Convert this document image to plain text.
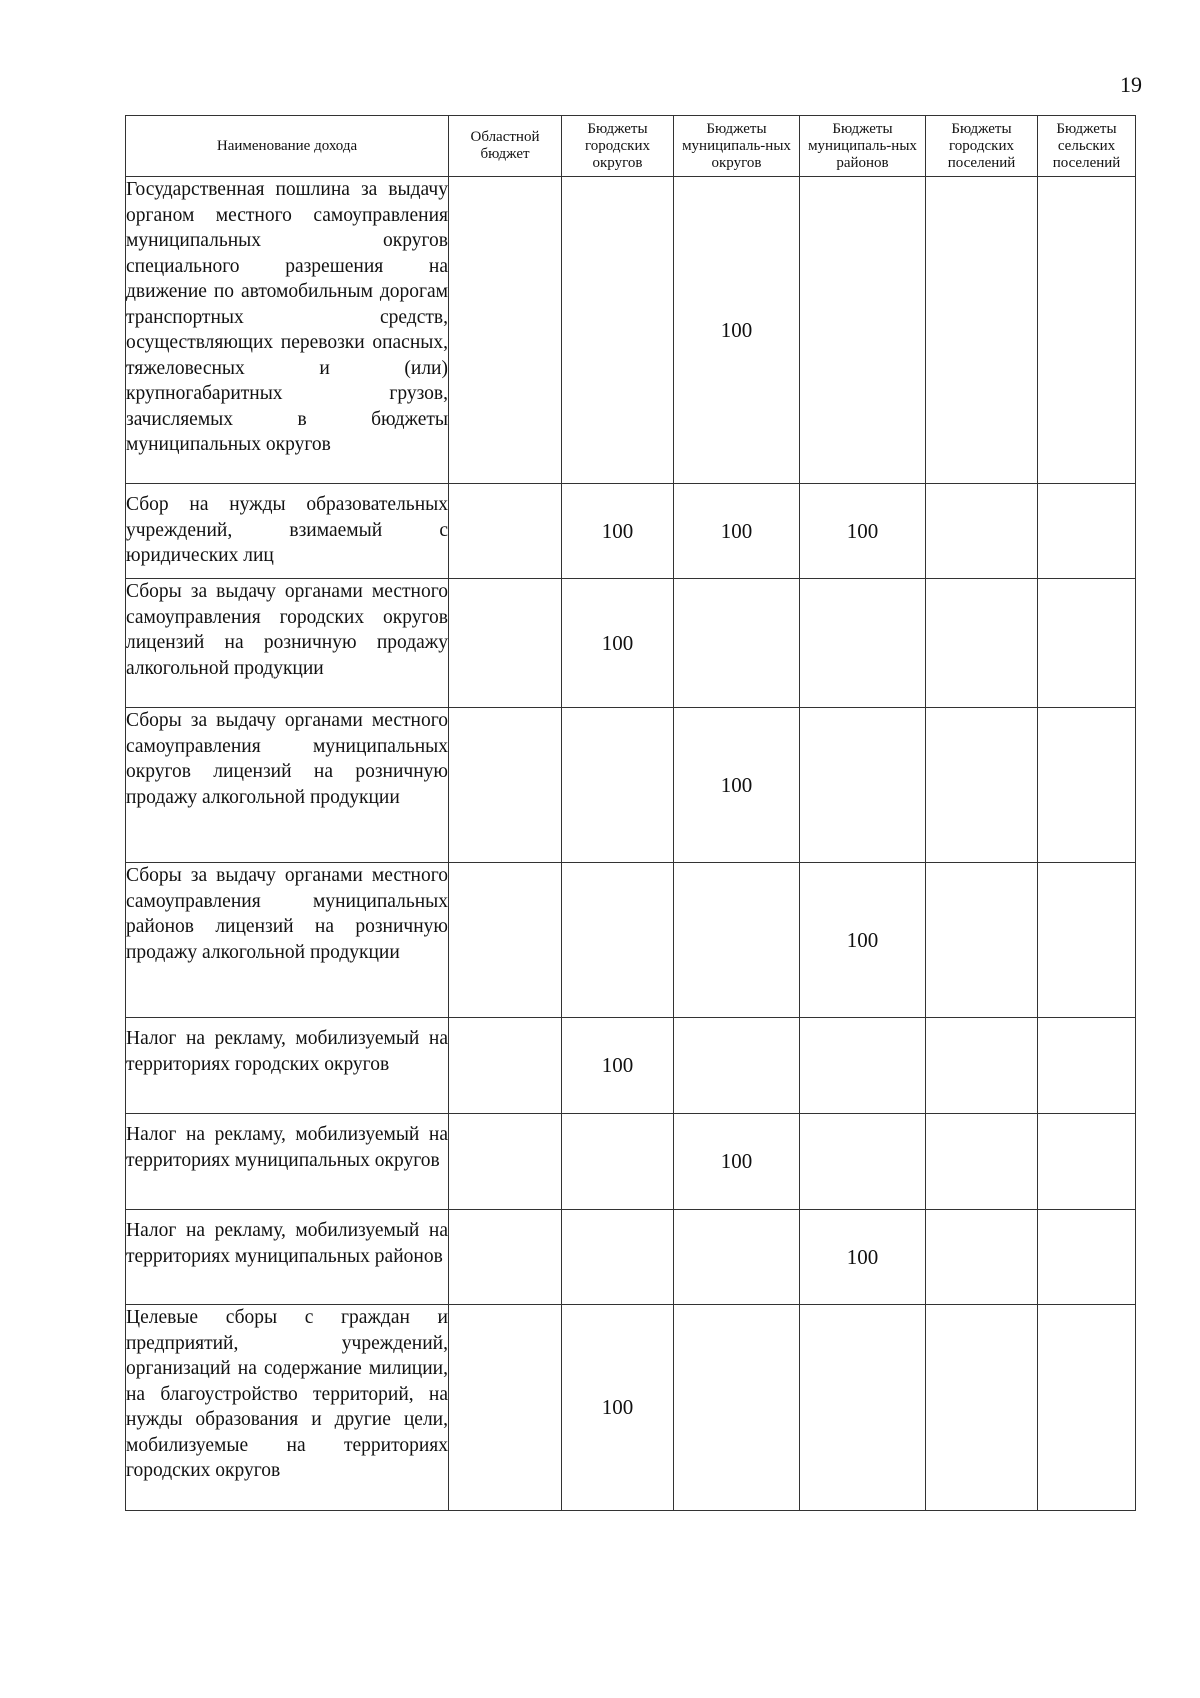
19
Наименование дохода	Областной бюджет	Бюджеты городских округов	Бюджеты муниципаль-ных округов	Бюджеты муниципаль-ных районов	Бюджеты городских поселений	Бюджеты сельских поселений

Государственная пошлина за выдачу органом местного самоуправления муниципальных округов специального разрешения на движение по автомобильным дорогам транспортных средств, осуществляющих перевозки опасных, тяжеловесных и (или) крупногабаритных грузов, зачисляемых в бюджеты муниципальных округов			100			
Сбор на нужды образовательных учреждений, взимаемый с юридических лиц		100	100	100		
Сборы за выдачу органами местного самоуправления городских округов лицензий на розничную продажу алкогольной продукции		100				
Сборы за выдачу органами местного самоуправления муниципальных округов лицензий на розничную продажу алкогольной продукции			100			
Сборы за выдачу органами местного самоуправления муниципальных районов лицензий на розничную продажу алкогольной продукции				100		
Налог на рекламу, мобилизуемый на территориях городских округов		100				
Налог на рекламу, мобилизуемый на территориях муниципальных округов			100			
Налог на рекламу, мобилизуемый на территориях муниципальных районов				100		
Целевые сборы с граждан и предприятий, учреждений, организаций на содержание милиции, на благоустройство территорий, на нужды образования и другие цели, мобилизуемые на территориях городских округов		100				
